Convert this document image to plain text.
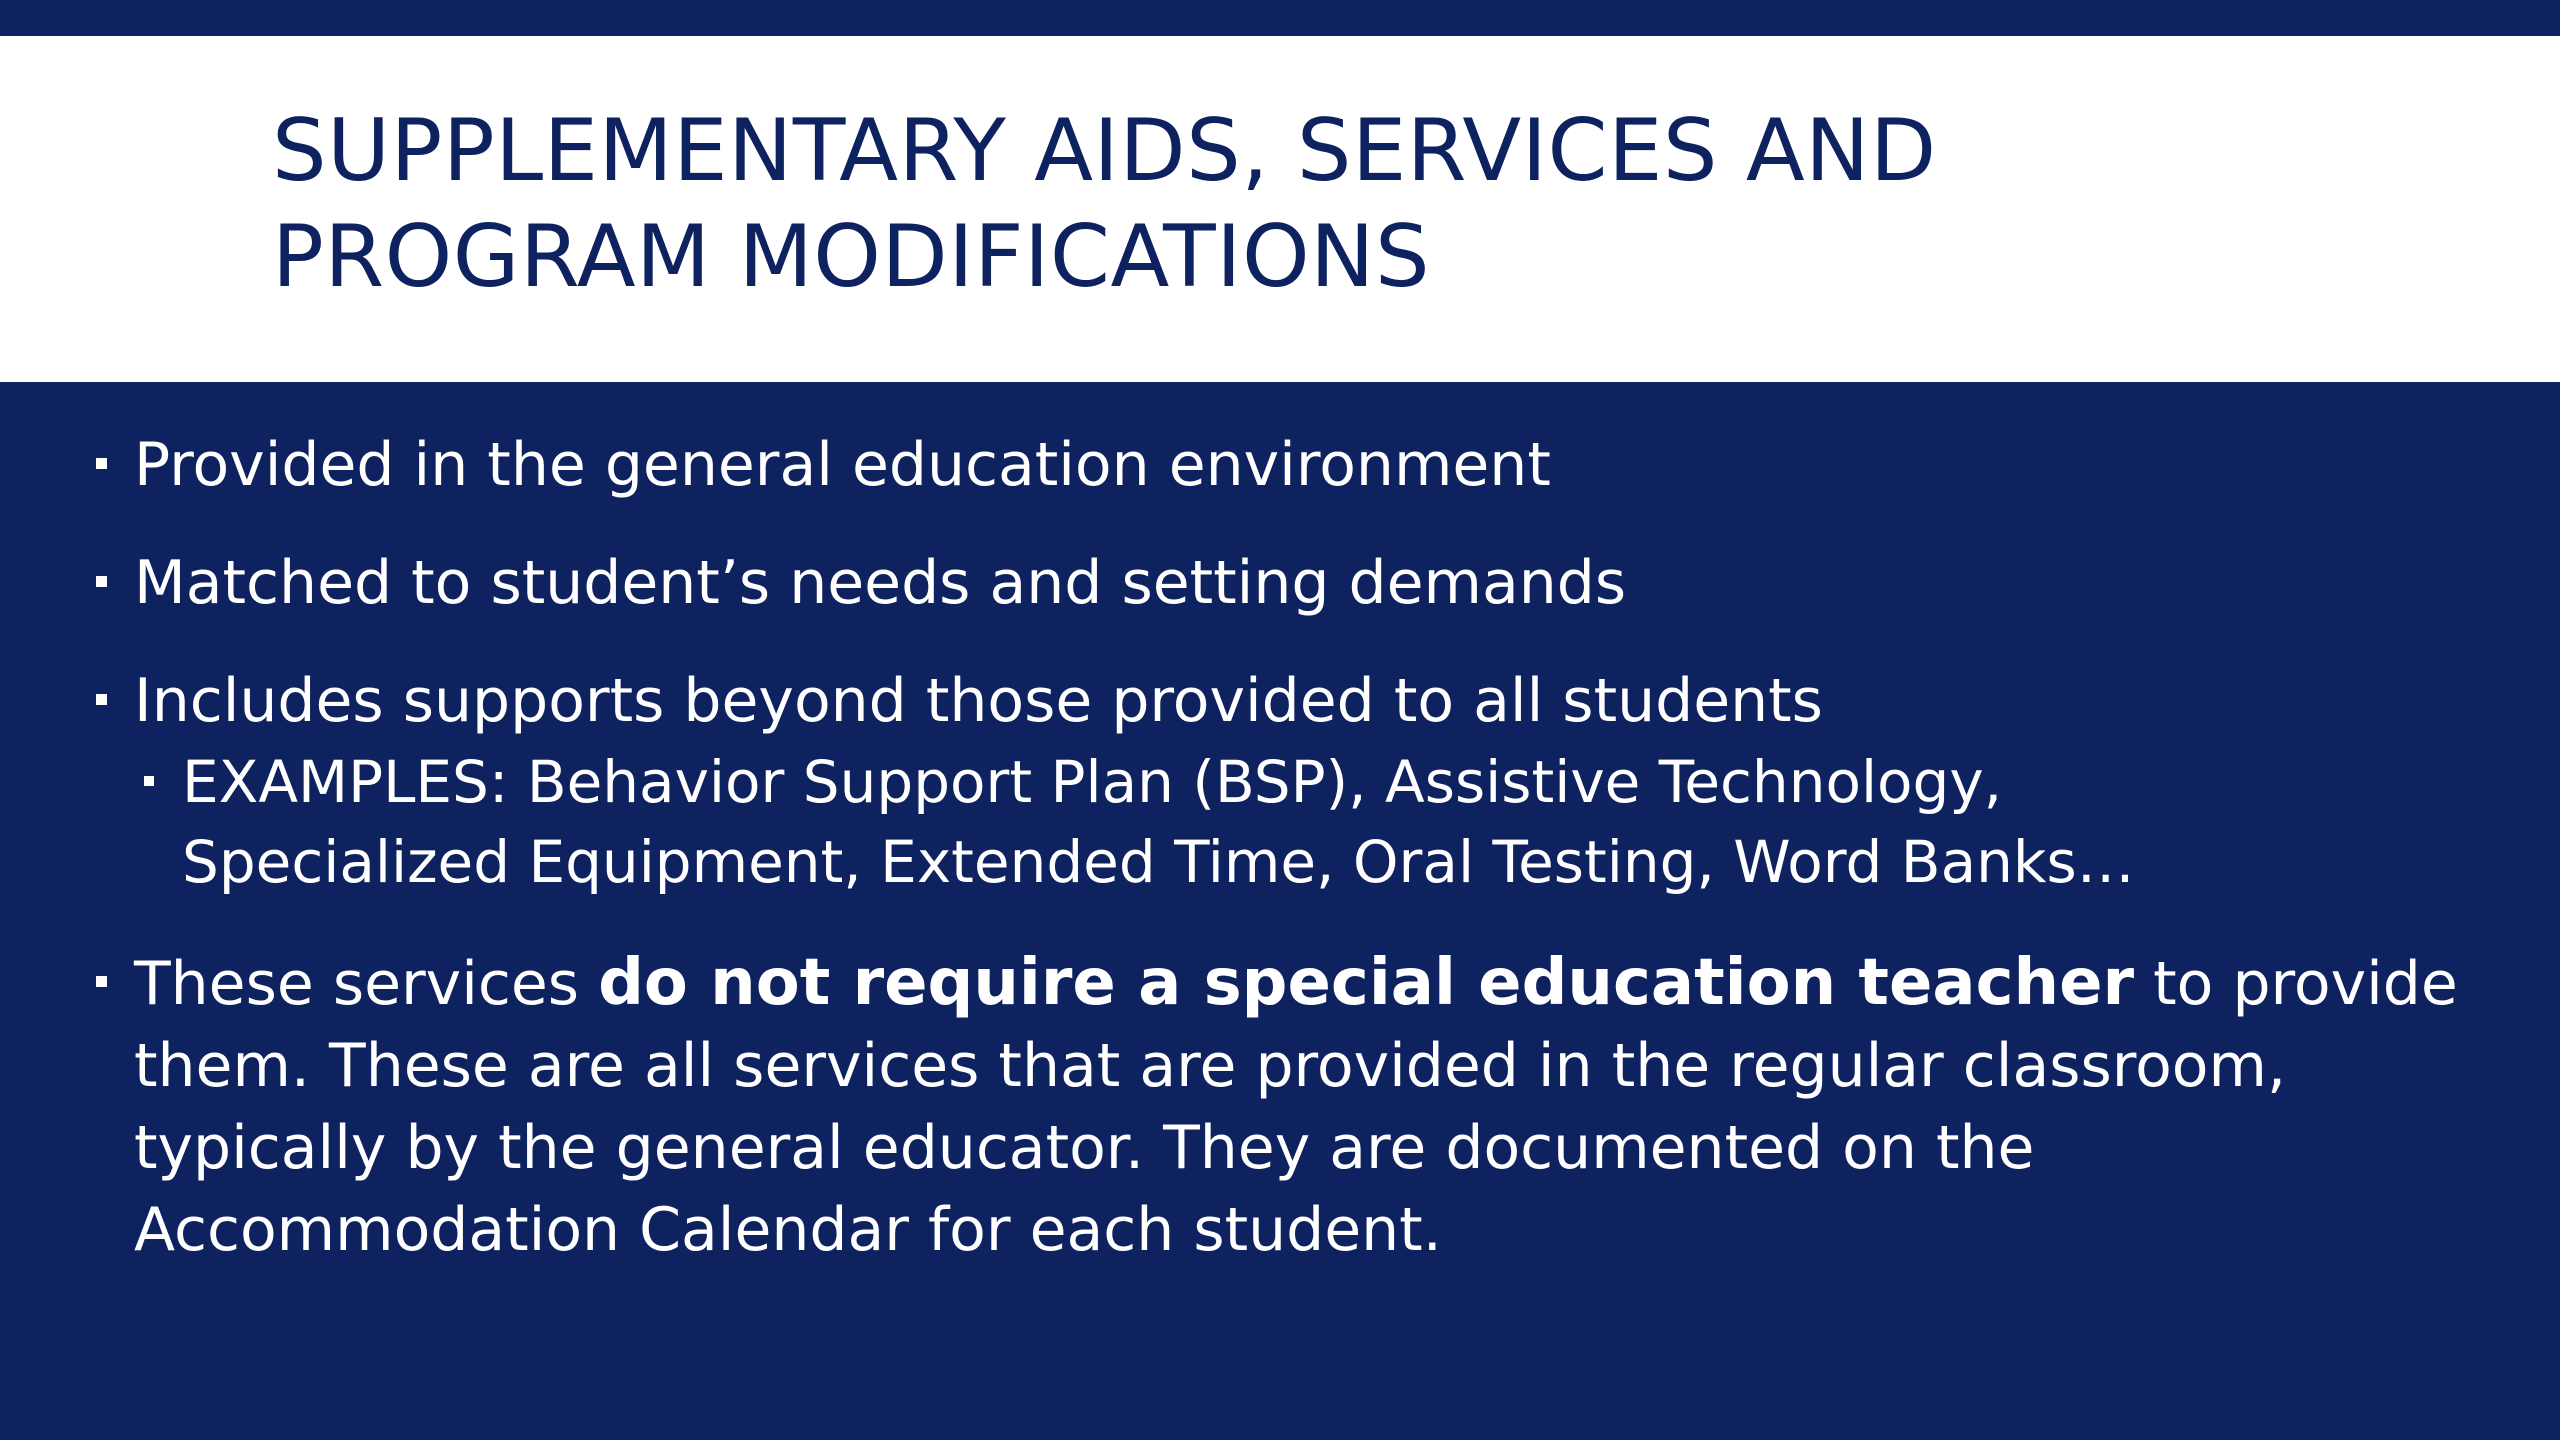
SUPPLEMENTARY AIDS, SERVICES AND
PROGRAM MODIFICATIONS
Provided in the general education environment
Matched to student’s needs and setting demands
Includes supports beyond those provided to all students
EXAMPLES: Behavior Support Plan (BSP), Assistive Technology,
Specialized Equipment, Extended Time, Oral Testing, Word Banks…
These services do not require a special education teacher to provide
them. These are all services that are provided in the regular classroom,
typically by the general educator. They are documented on the
Accommodation Calendar for each student.
